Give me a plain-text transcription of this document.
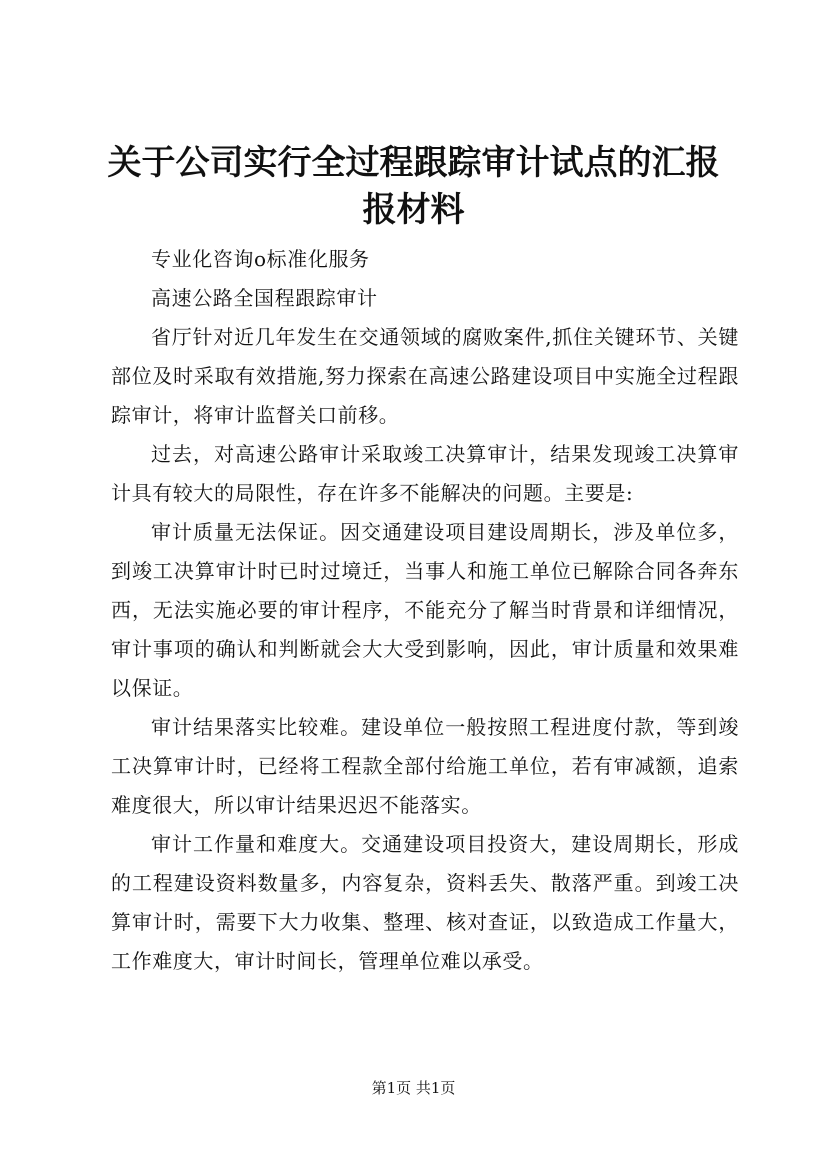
关于公司实行全过程跟踪审计试点的汇报报材料

专业化咨询o标准化服务

高速公路全国程跟踪审计

省厅针对近几年发生在交通领域的腐败案件,抓住关键环节、关键部位及时采取有效措施,努力探索在高速公路建设项目中实施全过程跟踪审计，将审计监督关口前移。

过去，对高速公路审计采取竣工决算审计，结果发现竣工决算审计具有较大的局限性，存在许多不能解决的问题。主要是:

审计质量无法保证。因交通建设项目建设周期长，涉及单位多，到竣工决算审计时已时过境迁，当事人和施工单位已解除合同各奔东西，无法实施必要的审计程序，不能充分了解当时背景和详细情况，审计事项的确认和判断就会大大受到影响，因此，审计质量和效果难以保证。

审计结果落实比较难。建设单位一般按照工程进度付款，等到竣工决算审计时，已经将工程款全部付给施工单位，若有审减额，追索难度很大，所以审计结果迟迟不能落实。

审计工作量和难度大。交通建设项目投资大，建设周期长，形成的工程建设资料数量多，内容复杂，资料丢失、散落严重。到竣工决算审计时，需要下大力收集、整理、核对查证，以致造成工作量大，工作难度大，审计时间长，管理单位难以承受。

第1页 共1页
